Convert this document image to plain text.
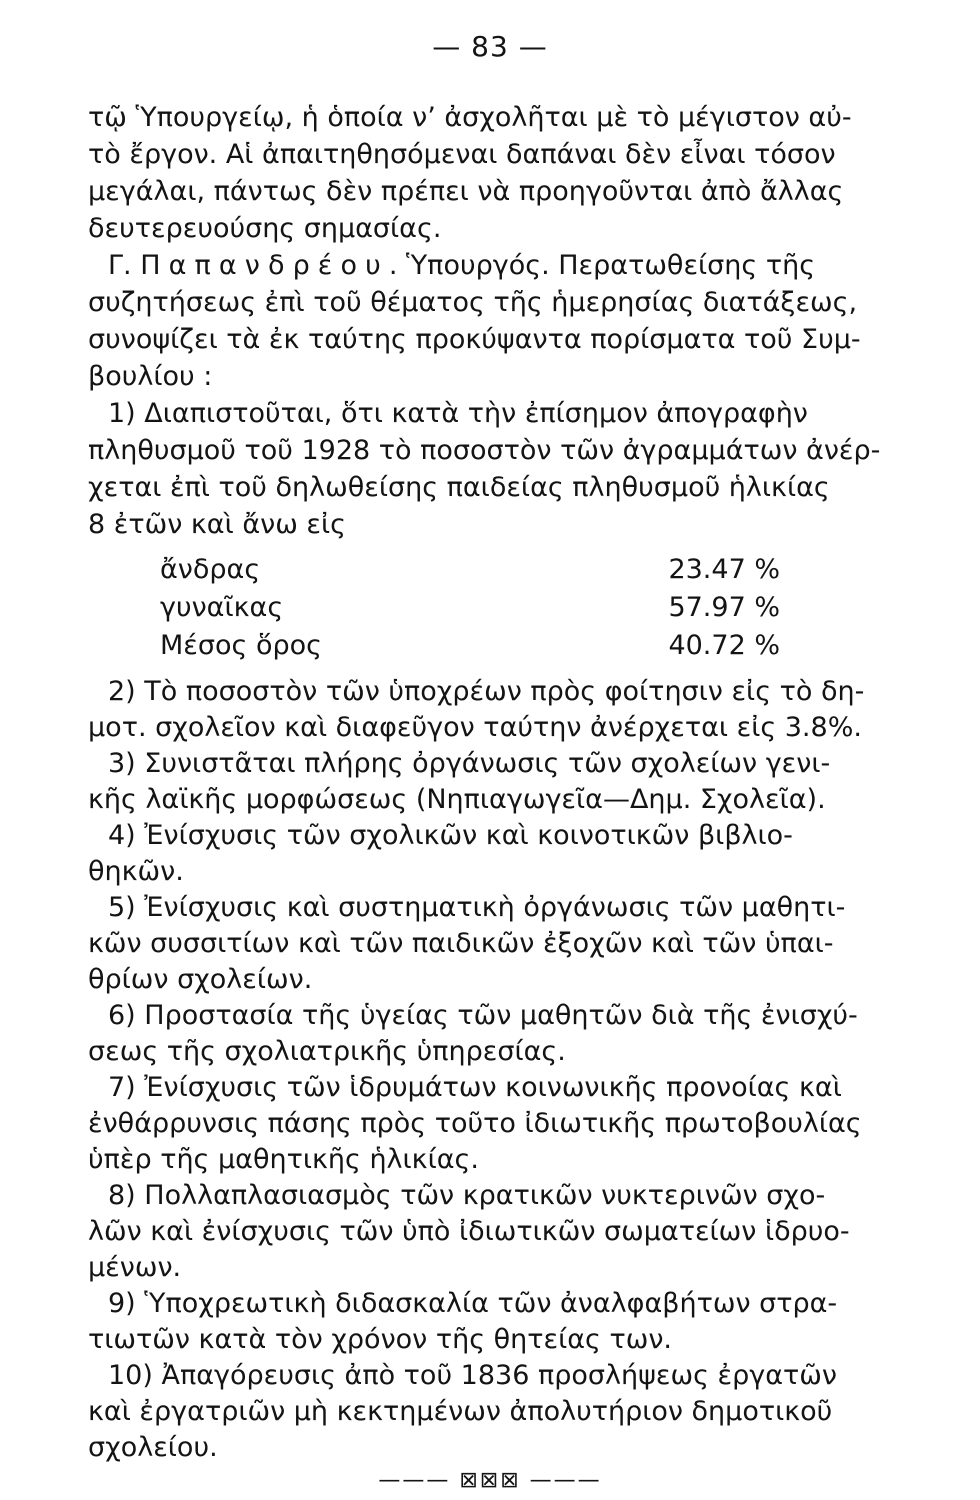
— 83 —
τῷ Ὑπουργείῳ, ἡ ὁποία ν’ ἀσχολῆται μὲ τὸ μέγιστον αὐ-
τὸ ἔργον. Αἱ ἀπαιτηθησόμεναι δαπάναι δὲν εἶναι τόσον
μεγάλαι, πάντως δὲν πρέπει νὰ προηγοῦνται ἀπὸ ἄλλας
δευτερευούσης σημασίας.
Γ. Παπανδρέου. Ὑπουργός. Περατωθείσης τῆς
συζητήσεως ἐπὶ τοῦ θέματος τῆς ἡμερησίας διατάξεως,
συνοψίζει τὰ ἐκ ταύτης προκύψαντα πορίσματα τοῦ Συμ-
βουλίου :
1) Διαπιστοῦται, ὅτι κατὰ τὴν ἐπίσημον ἀπογραφὴν
πληθυσμοῦ τοῦ 1928 τὸ ποσοστὸν τῶν ἀγραμμάτων ἀνέρ-
χεται ἐπὶ τοῦ δηλωθείσης παιδείας πληθυσμοῦ ἡλικίας
8 ἐτῶν καὶ ἄνω εἰς
ἄνδρας	23.47 %
γυναῖκας	57.97 %
Μέσος ὅρος	40.72 %
2) Τὸ ποσοστὸν τῶν ὑποχρέων πρὸς φοίτησιν εἰς τὸ δη-
μοτ. σχολεῖον καὶ διαφεῦγον ταύτην ἀνέρχεται εἰς 3.8%.
3) Συνιστᾶται πλήρης ὀργάνωσις τῶν σχολείων γενι-
κῆς λαϊκῆς μορφώσεως (Νηπιαγωγεῖα—Δημ. Σχολεῖα).
4) Ἐνίσχυσις τῶν σχολικῶν καὶ κοινοτικῶν βιβλιο-
θηκῶν.
5) Ἐνίσχυσις καὶ συστηματικὴ ὀργάνωσις τῶν μαθητι-
κῶν συσσιτίων καὶ τῶν παιδικῶν ἐξοχῶν καὶ τῶν ὑπαι-
θρίων σχολείων.
6) Προστασία τῆς ὑγείας τῶν μαθητῶν διὰ τῆς ἐνισχύ-
σεως τῆς σχολιατρικῆς ὑπηρεσίας.
7) Ἐνίσχυσις τῶν ἱδρυμάτων κοινωνικῆς προνοίας καὶ
ἐνθάρρυνσις πάσης πρὸς τοῦτο ἰδιωτικῆς πρωτοβουλίας
ὑπὲρ τῆς μαθητικῆς ἡλικίας.
8) Πολλαπλασιασμὸς τῶν κρατικῶν νυκτερινῶν σχο-
λῶν καὶ ἐνίσχυσις τῶν ὑπὸ ἰδιωτικῶν σωματείων ἱδρυο-
μένων.
9) Ὑποχρεωτικὴ διδασκαλία τῶν ἀναλφαβήτων στρα-
τιωτῶν κατὰ τὸν χρόνον τῆς θητείας των.
10) Ἀπαγόρευσις ἀπὸ τοῦ 1836 προσλήψεως ἐργατῶν
καὶ ἐργατριῶν μὴ κεκτημένων ἀπολυτήριον δημοτικοῦ
σχολείου.
——— ⊠⊠⊠ ———
